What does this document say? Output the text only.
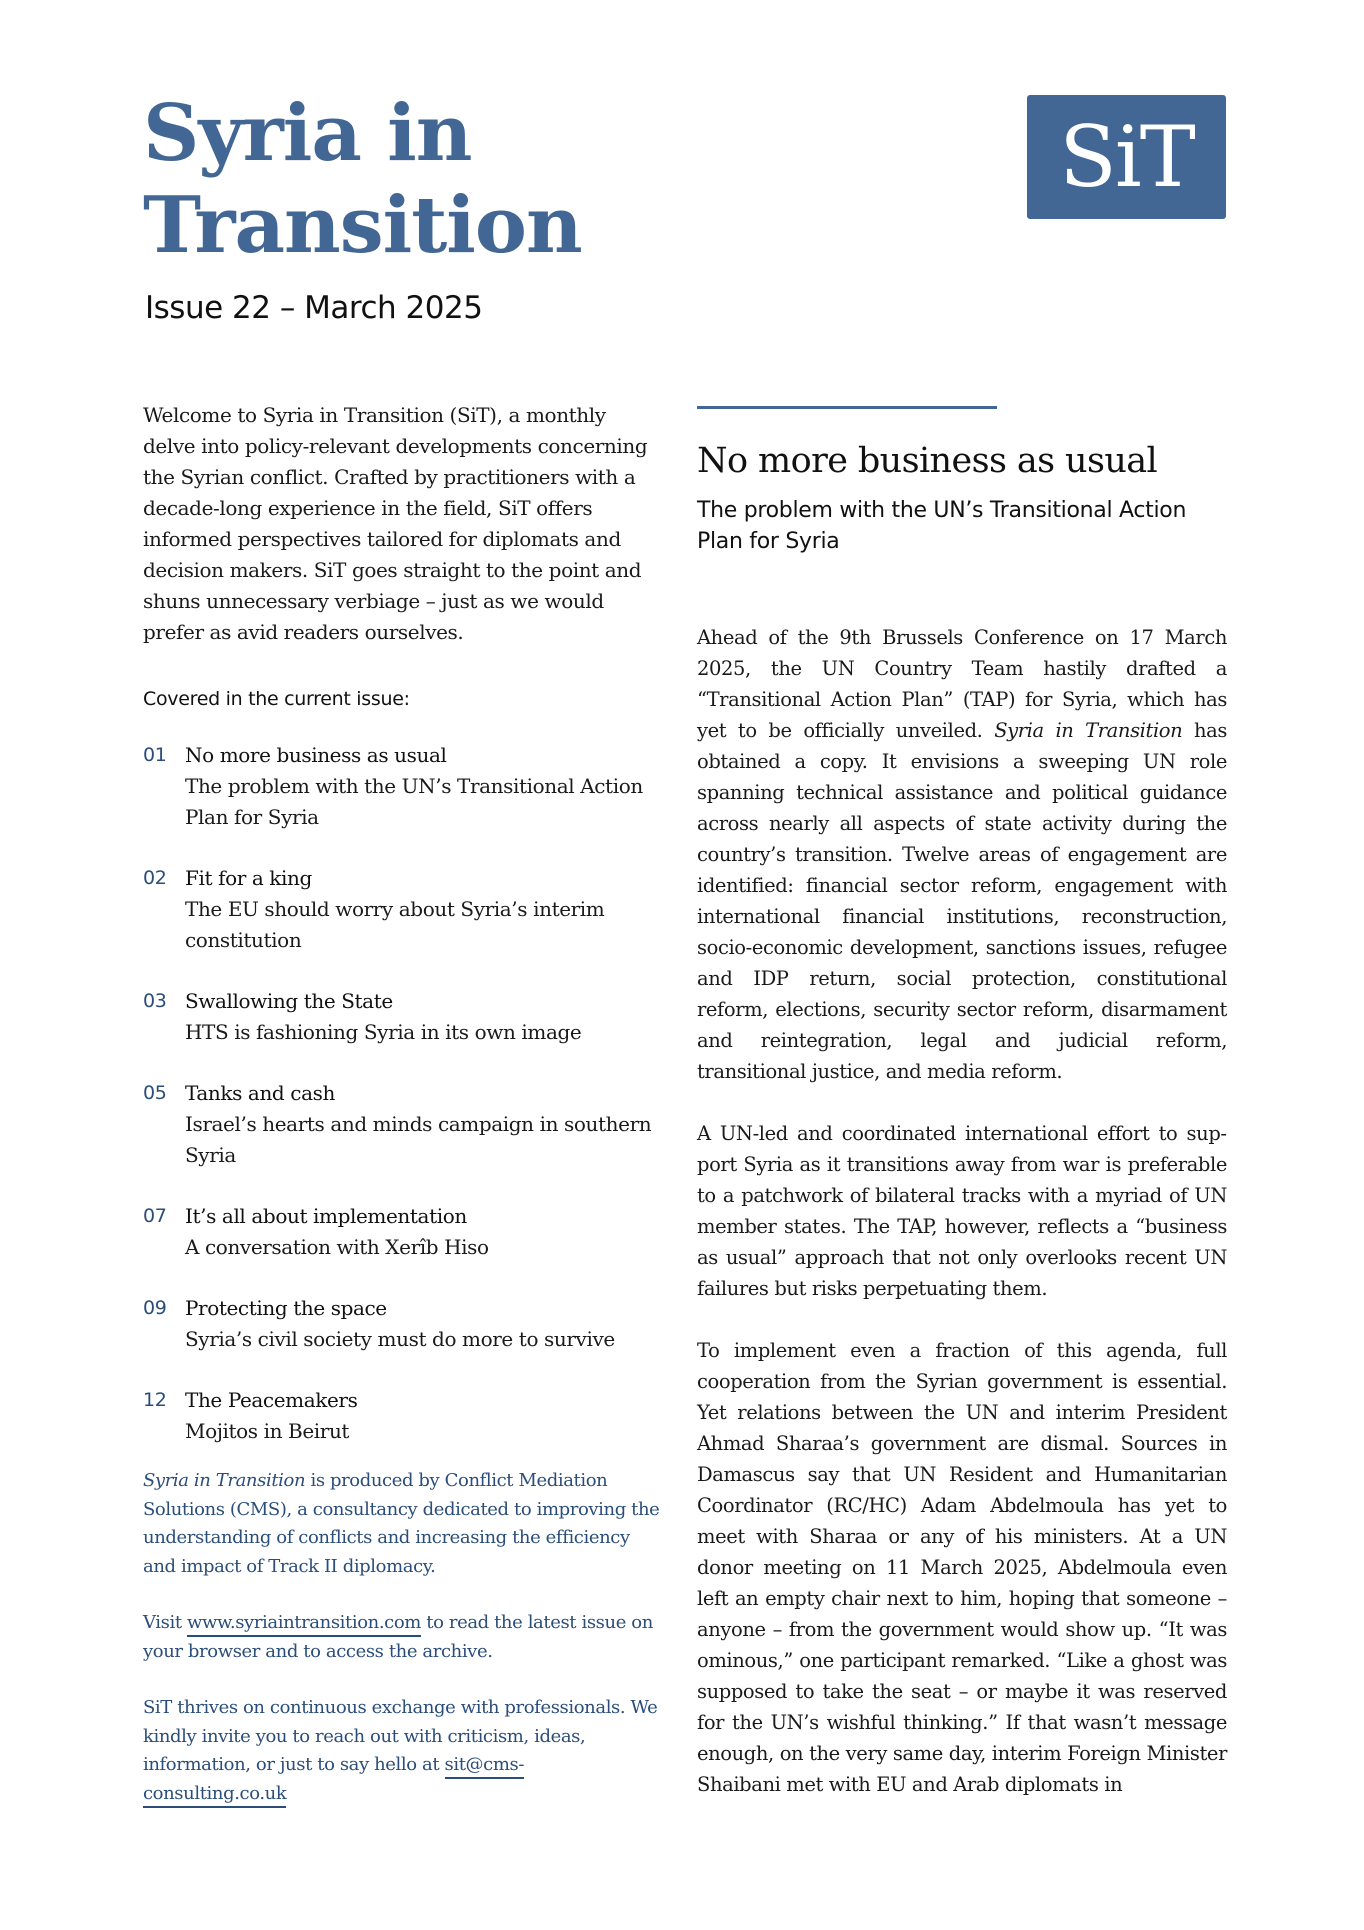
Syria in
Transition

Issue 22 – March 2025

SiT

Welcome to Syria in Transition (SiT), a monthly delve into policy-relevant developments concerning the Syrian conflict. Crafted by practitioners with a decade-long experience in the field, SiT offers informed perspectives tailored for diplomats and decision makers. SiT goes straight to the point and shuns unnecessary verbiage – just as we would prefer as avid readers ourselves.

Covered in the current issue:

01 No more business as usual
The problem with the UN’s Transitional Action Plan for Syria
02 Fit for a king
The EU should worry about Syria’s interim constitution
03 Swallowing the State
HTS is fashioning Syria in its own image
05 Tanks and cash
Israel’s hearts and minds campaign in southern Syria
07 It’s all about implementation
A conversation with Xerîb Hiso
09 Protecting the space
Syria’s civil society must do more to survive
12 The Peacemakers
Mojitos in Beirut

Syria in Transition is produced by Conflict Mediation Solutions (CMS), a consultancy dedicated to improving the understanding of conflicts and increasing the efficiency and impact of Track II diplomacy.

Visit www.syriaintransition.com to read the latest issue on your browser and to access the archive.

SiT thrives on continuous exchange with professionals. We kindly invite you to reach out with criticism, ideas, information, or just to say hello at sit@cms-consulting.co.uk

No more business as usual

The problem with the UN’s Transitional Action Plan for Syria

Ahead of the 9th Brussels Conference on 17 March 2025, the UN Country Team hastily drafted a “Transitional Action Plan” (TAP) for Syria, which has yet to be officially unveiled. Syria in Transition has obtained a copy. It envisions a sweeping UN role spanning technical assistance and political guidance across nearly all aspects of state activity during the country’s transition. Twelve areas of engagement are identified: financial sector reform, engagement with international financial institutions, reconstruction, socio-economic development, sanctions issues, refugee and IDP return, social protection, constitutional reform, elections, security sector reform, disarmament and reintegration, legal and judicial reform, transitional justice, and media reform.

A UN-led and coordinated international effort to support Syria as it transitions away from war is preferable to a patchwork of bilateral tracks with a myriad of UN member states. The TAP, however, reflects a “business as usual” approach that not only overlooks recent UN failures but risks perpetuating them.

To implement even a fraction of this agenda, full cooperation from the Syrian government is essential. Yet relations between the UN and interim President Ahmad Sharaa’s government are dismal. Sources in Damascus say that UN Resident and Humanitarian Coordinator (RC/HC) Adam Abdelmoula has yet to meet with Sharaa or any of his ministers. At a UN donor meeting on 11 March 2025, Abdelmoula even left an empty chair next to him, hoping that someone – anyone – from the government would show up. “It was ominous,” one participant remarked. “Like a ghost was supposed to take the seat – or maybe it was reserved for the UN’s wishful thinking.” If that wasn’t message enough, on the very same day, interim Foreign Minister Shaibani met with EU and Arab diplomats in
